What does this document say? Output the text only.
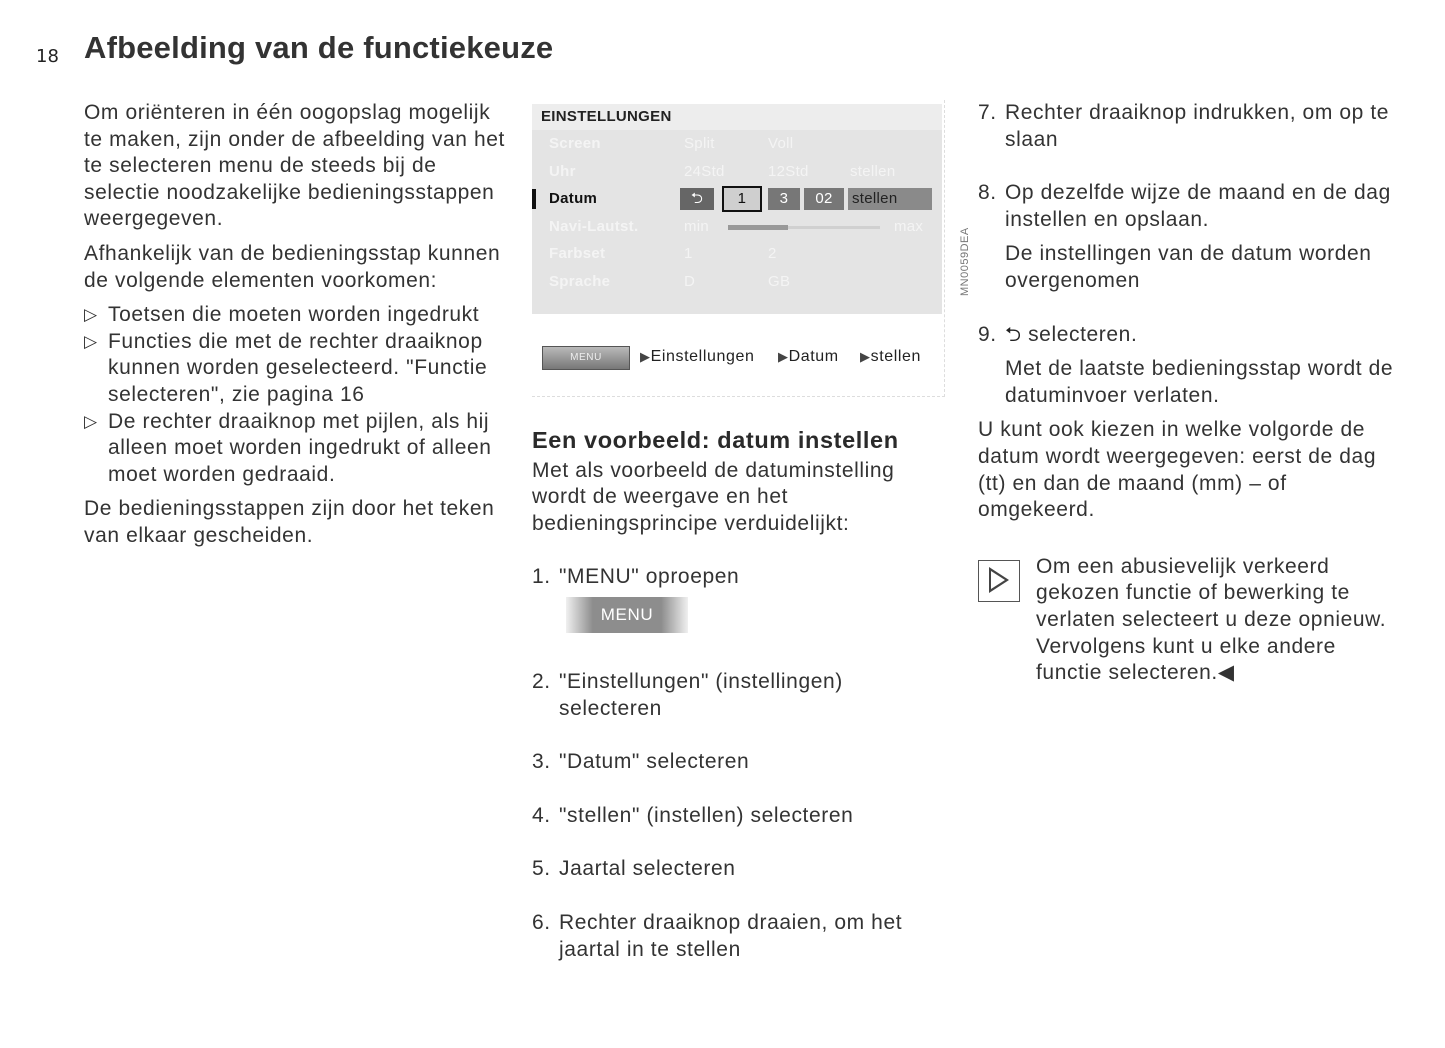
18 Afbeelding van de functiekeuze

Om oriënteren in één oogopslag mogelijk te maken, zijn onder de afbeelding van het te selecteren menu de steeds bij de selectie noodzakelijke bedieningsstappen weergegeven.

Afhankelijk van de bedieningsstap kunnen de volgende elementen voorkomen:

▷ Toetsen die moeten worden ingedrukt
▷ Functies die met de rechter draaiknop kunnen worden geselecteerd. "Functie selecteren", zie pagina 16
▷ De rechter draaiknop met pijlen, als hij alleen moet worden ingedrukt of alleen moet worden gedraaid.

De bedieningsstappen zijn door het teken      van elkaar gescheiden.

EINSTELLUNGEN
Screen	Split	Voll
Uhr	24Std	12Std	stellen
Datum	⮌	1	3	02	stellen
Navi-Lautst.	min	max
Farbset	1	2
Sprache	D	GB
MENU	▶Einstellungen ▶Datum ▶stellen
MN0059DEA
Een voorbeeld: datum instellen

Met als voorbeeld de datuminstelling wordt de weergave en het bedieningsprincipe verduidelijkt:

1. "MENU" oproepen
MENU
2. "Einstellungen" (instellingen) selecteren
3. "Datum" selecteren
4. "stellen" (instellen) selecteren
5. Jaartal selecteren
6. Rechter draaiknop draaien, om het jaartal in te stellen
7. Rechter draaiknop indrukken, om op te slaan
8. Op dezelfde wijze de maand en de dag instellen en opslaan.

De instellingen van de datum worden overgenomen

9. ⮌ selecteren.

Met de laatste bedieningsstap wordt de datuminvoer verlaten.

U kunt ook kiezen in welke volgorde de datum wordt weergegeven: eerst de dag (tt) en dan de maand (mm) – of omgekeerd.

Om een abusievelijk verkeerd gekozen functie of bewerking te verlaten selecteert u deze opnieuw. Vervolgens kunt u elke andere functie selecteren.◀
